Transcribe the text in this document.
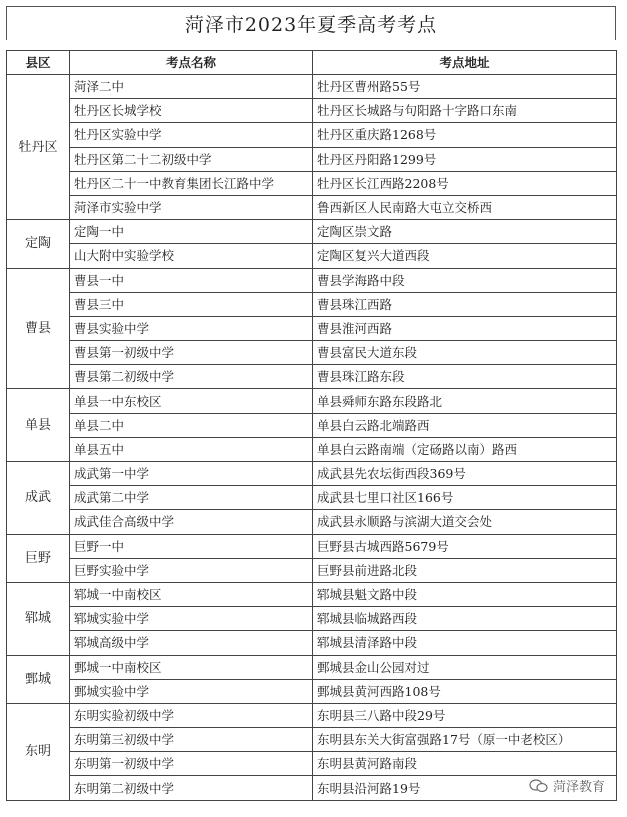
菏泽市2023年夏季高考考点
县区	考点名称	考点地址
牡丹区	菏泽二中	牡丹区曹州路55号
	牡丹区长城学校	牡丹区长城路与句阳路十字路口东南
	牡丹区实验中学	牡丹区重庆路1268号
	牡丹区第二十二初级中学	牡丹区丹阳路1299号
	牡丹区二十一中教育集团长江路中学	牡丹区长江西路2208号
	菏泽市实验中学	鲁西新区人民南路大屯立交桥西
定陶	定陶一中	定陶区崇文路
	山大附中实验学校	定陶区复兴大道西段
曹县	曹县一中	曹县学海路中段
	曹县三中	曹县珠江西路
	曹县实验中学	曹县淮河西路
	曹县第一初级中学	曹县富民大道东段
	曹县第二初级中学	曹县珠江路东段
单县	单县一中东校区	单县舜师东路东段路北
	单县二中	单县白云路北端路西
	单县五中	单县白云路南端（定砀路以南）路西
成武	成武第一中学	成武县先农坛街西段369号
	成武第二中学	成武县七里口社区166号
	成武佳合高级中学	成武县永顺路与滨湖大道交会处
巨野	巨野一中	巨野县古城西路5679号
	巨野实验中学	巨野县前进路北段
郓城	郓城一中南校区	郓城县魁文路中段
	郓城实验中学	郓城县临城路西段
	郓城高级中学	郓城县清泽路中段
鄄城	鄄城一中南校区	鄄城县金山公园对过
	鄄城实验中学	鄄城县黄河西路108号
东明	东明实验初级中学	东明县三八路中段29号
	东明第三初级中学	东明县东关大街富强路17号（原一中老校区）
	东明第一初级中学	东明县黄河路南段
	东明第二初级中学	东明县沿河路19号	菏泽教育
